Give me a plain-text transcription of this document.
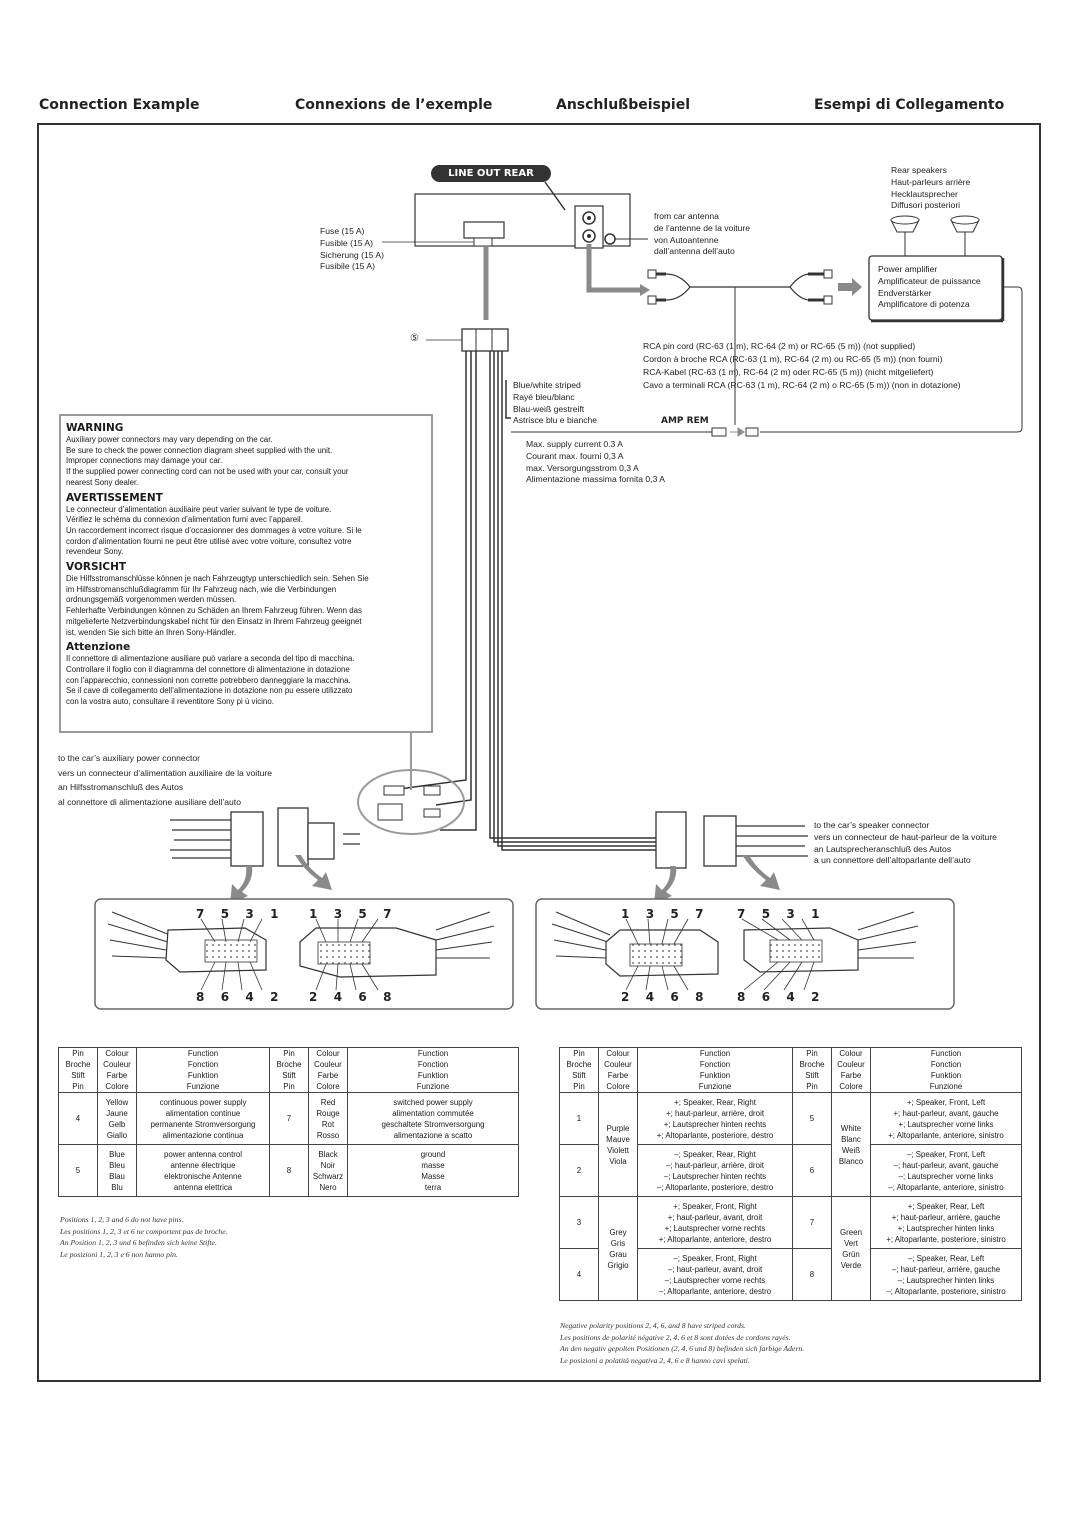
Connection Example	Connexions de l’exemple	Anschlußbeispiel	Esempi di Collegamento
LINE OUT REAR
Fuse (15 A)
Fusible (15 A)
Sicherung (15 A)
Fusibile (15 A)
from car antenna
de l’antenne de la voiture
von Autoantenne
dall’antenna dell’auto
Rear speakers
Haut-parleurs arrière
Hecklautsprecher
Diffusori posteriori
Power amplifier
Amplificateur de puissance
Endverstärker
Amplificatore di potenza
RCA pin cord (RC-63 (1 m), RC-64 (2 m) or RC-65 (5 m)) (not supplied)
Cordon à broche RCA (RC-63 (1 m), RC-64 (2 m) ou RC-65 (5 m)) (non fourni)
RCA-Kabel (RC-63 (1 m), RC-64 (2 m) oder RC-65 (5 m)) (nicht mitgeliefert)
Cavo a terminali RCA (RC-63 (1 m), RC-64 (2 m) o RC-65 (5 m)) (non in dotazione)
⑤
Blue/white striped
Rayé bleu/blanc
Blau-weiß gestreift
Astrisce blu e bianche	AMP REM
Max. supply current 0.3 A
Courant max. fourni 0,3 A
max. Versorgungsstrom 0,3 A
Alimentazione massima fornita 0,3 A
WARNING

Auxiliary power connectors may vary depending on the car.
Be sure to check the power connection diagram sheet supplied with the unit.
Improper connections may damage your car.
If the supplied power connecting cord can not be used with your car, consult your
nearest Sony dealer.

AVERTISSEMENT

Le connecteur d’alimentation auxiliaire peut varier suivant le type de voiture.
Vérifiez le schéma du connexion d’alimentation furni avec l’appareil.
Un raccordement incorrect risque d’occasionner des dommages à votre voiture. Si le
cordon d’alimentation fourni ne peut être utilisé avec votre voiture, consultez votre
revendeur Sony.

VORSICHT

Die Hilfsstromanschlüsse können je nach Fahrzeugtyp unterschiedlich sein. Sehen Sie
im Hilfsstromanschlußdiagramm für Ihr Fahrzeug nach, wie die Verbindungen
ordnungsgemäß vorgenommen werden müssen.
Fehlerhafte Verbindungen können zu Schäden an Ihrem Fahrzeug führen. Wenn das
mitgelieferte Netzverbindungskabel nicht für den Einsatz in Ihrem Fahrzeug geeignet
ist, wenden Sie sich bitte an Ihren Sony-Händler.

Attenzione

Il connettore di alimentazione ausiliare può variare a seconda del tipo di macchina.
Controllare il foglio con il diagramma del connettore di alimentazione in dotazione
con l’apparecchio, connessioni non corrette potrebbero danneggiare la macchina.
Se il cave di collegamento dell’alimentazione in dotazione non pu essere utilizzato
con la vostra auto, consultare il reventitore Sony pi ù vicino.

to the car’s auxiliary power connector
vers un connecteur d’alimentation auxiliaire de la voiture
an Hilfsstromanschluß des Autos
al connettore di alimentazione ausiliare dell’auto
to the car’s speaker connector
vers un connecteur de haut-parleur de la voiture
an Lautsprecheranschluß des Autos
a un connettore dell’altoparlante dell’auto
7  5  3  1	1  3  5  7
8  6  4  2	2  4  6  8
1  3  5  7	7  5  3  1
2  4  6  8	8  6  4  2
Pin
Broche
Stift
Pin	Colour
Couleur
Farbe
Colore	Function
Fonction
Funktion
Funzione	Pin
Broche
Stift
Pin	Colour
Couleur
Farbe
Colore	Function
Fonction
Funktion
Funzione
4	Yellow
Jaune
Gelb
Giallo	continuous power supply
alimentation continue
permanente Stromversorgung
alimentazione continua	7	Red
Rouge
Rot
Rosso	switched power supply
alimentation commutée
geschaltete Stromversorgung
alimentazione a scatto
5	Blue
Bleu
Blau
Blu	power antenna control
antenne électrique
elektronische Antenne
antenna elettrica	8	Black
Noir
Schwarz
Nero	ground
masse
Masse
terra
Positions 1, 2, 3 and 6 do not have pins.
Les positions 1, 2, 3 et 6 ne comportent pas de broche.
An Position 1, 2, 3 und 6 befinden sich keine Stifte.
Le posizioni 1, 2, 3 e 6 non hanno pin.
Pin
Broche
Stift
Pin	Colour
Couleur
Farbe
Colore	Function
Fonction
Funktion
Funzione	Pin
Broche
Stift
Pin	Colour
Couleur
Farbe
Colore	Function
Fonction
Funktion
Funzione
1	Purple
Mauve
Violett
Viola	+; Speaker, Rear, Right
+; haut-parleur, arrière, droit
+; Lautsprecher hinten rechts
+; Altoparlante, posteriore, destro	5	White
Blanc
Weiß
Blanco	+; Speaker, Front, Left
+; haut-parleur, avant, gauche
+; Lautsprecher vorne links
+; Altoparlante, anteriore, sinistro
2		–; Speaker, Rear, Right
–; haut-parleur, arrière, droit
–; Lautsprecher hinten rechts
–; Altoparlante, posteriore, destro	6		–; Speaker, Front, Left
–; haut-parleur, avant, gauche
–; Lautsprecher vorne links
–; Altoparlante, anteriore, sinistro
3	Grey
Gris
Grau
Grigio	+; Speaker, Front, Right
+; haut-parleur, avant, droit
+; Lautsprecher vorne rechts
+; Altoparlante, anteriore, destro	7	Green
Vert
Grün
Verde	+; Speaker, Rear, Left
+; haut-parleur, arrière, gauche
+; Lautsprecher hinten links
+; Altoparlante, posteriore, sinistro
4		–; Speaker, Front, Right
–; haut-parleur, avant, droit
–; Lautsprecher vorne rechts
–; Altoparlante, anteriore, destro	8		–; Speaker, Rear, Left
–; haut-parleur, arrière, gauche
–; Lautsprecher hinten links
–; Altoparlante, posteriore, sinistro
Negative polarity positions 2, 4, 6, and 8 have striped cords.
Les positions de polarité négative 2, 4, 6 et 8 sont dotées de cordons rayés.
An den negativ gepolten Positionen (2, 4, 6 und 8) befinden sich farbige Adern.
Le posizioni a polatità negativa 2, 4, 6 e 8 hanno cavi spelati.
